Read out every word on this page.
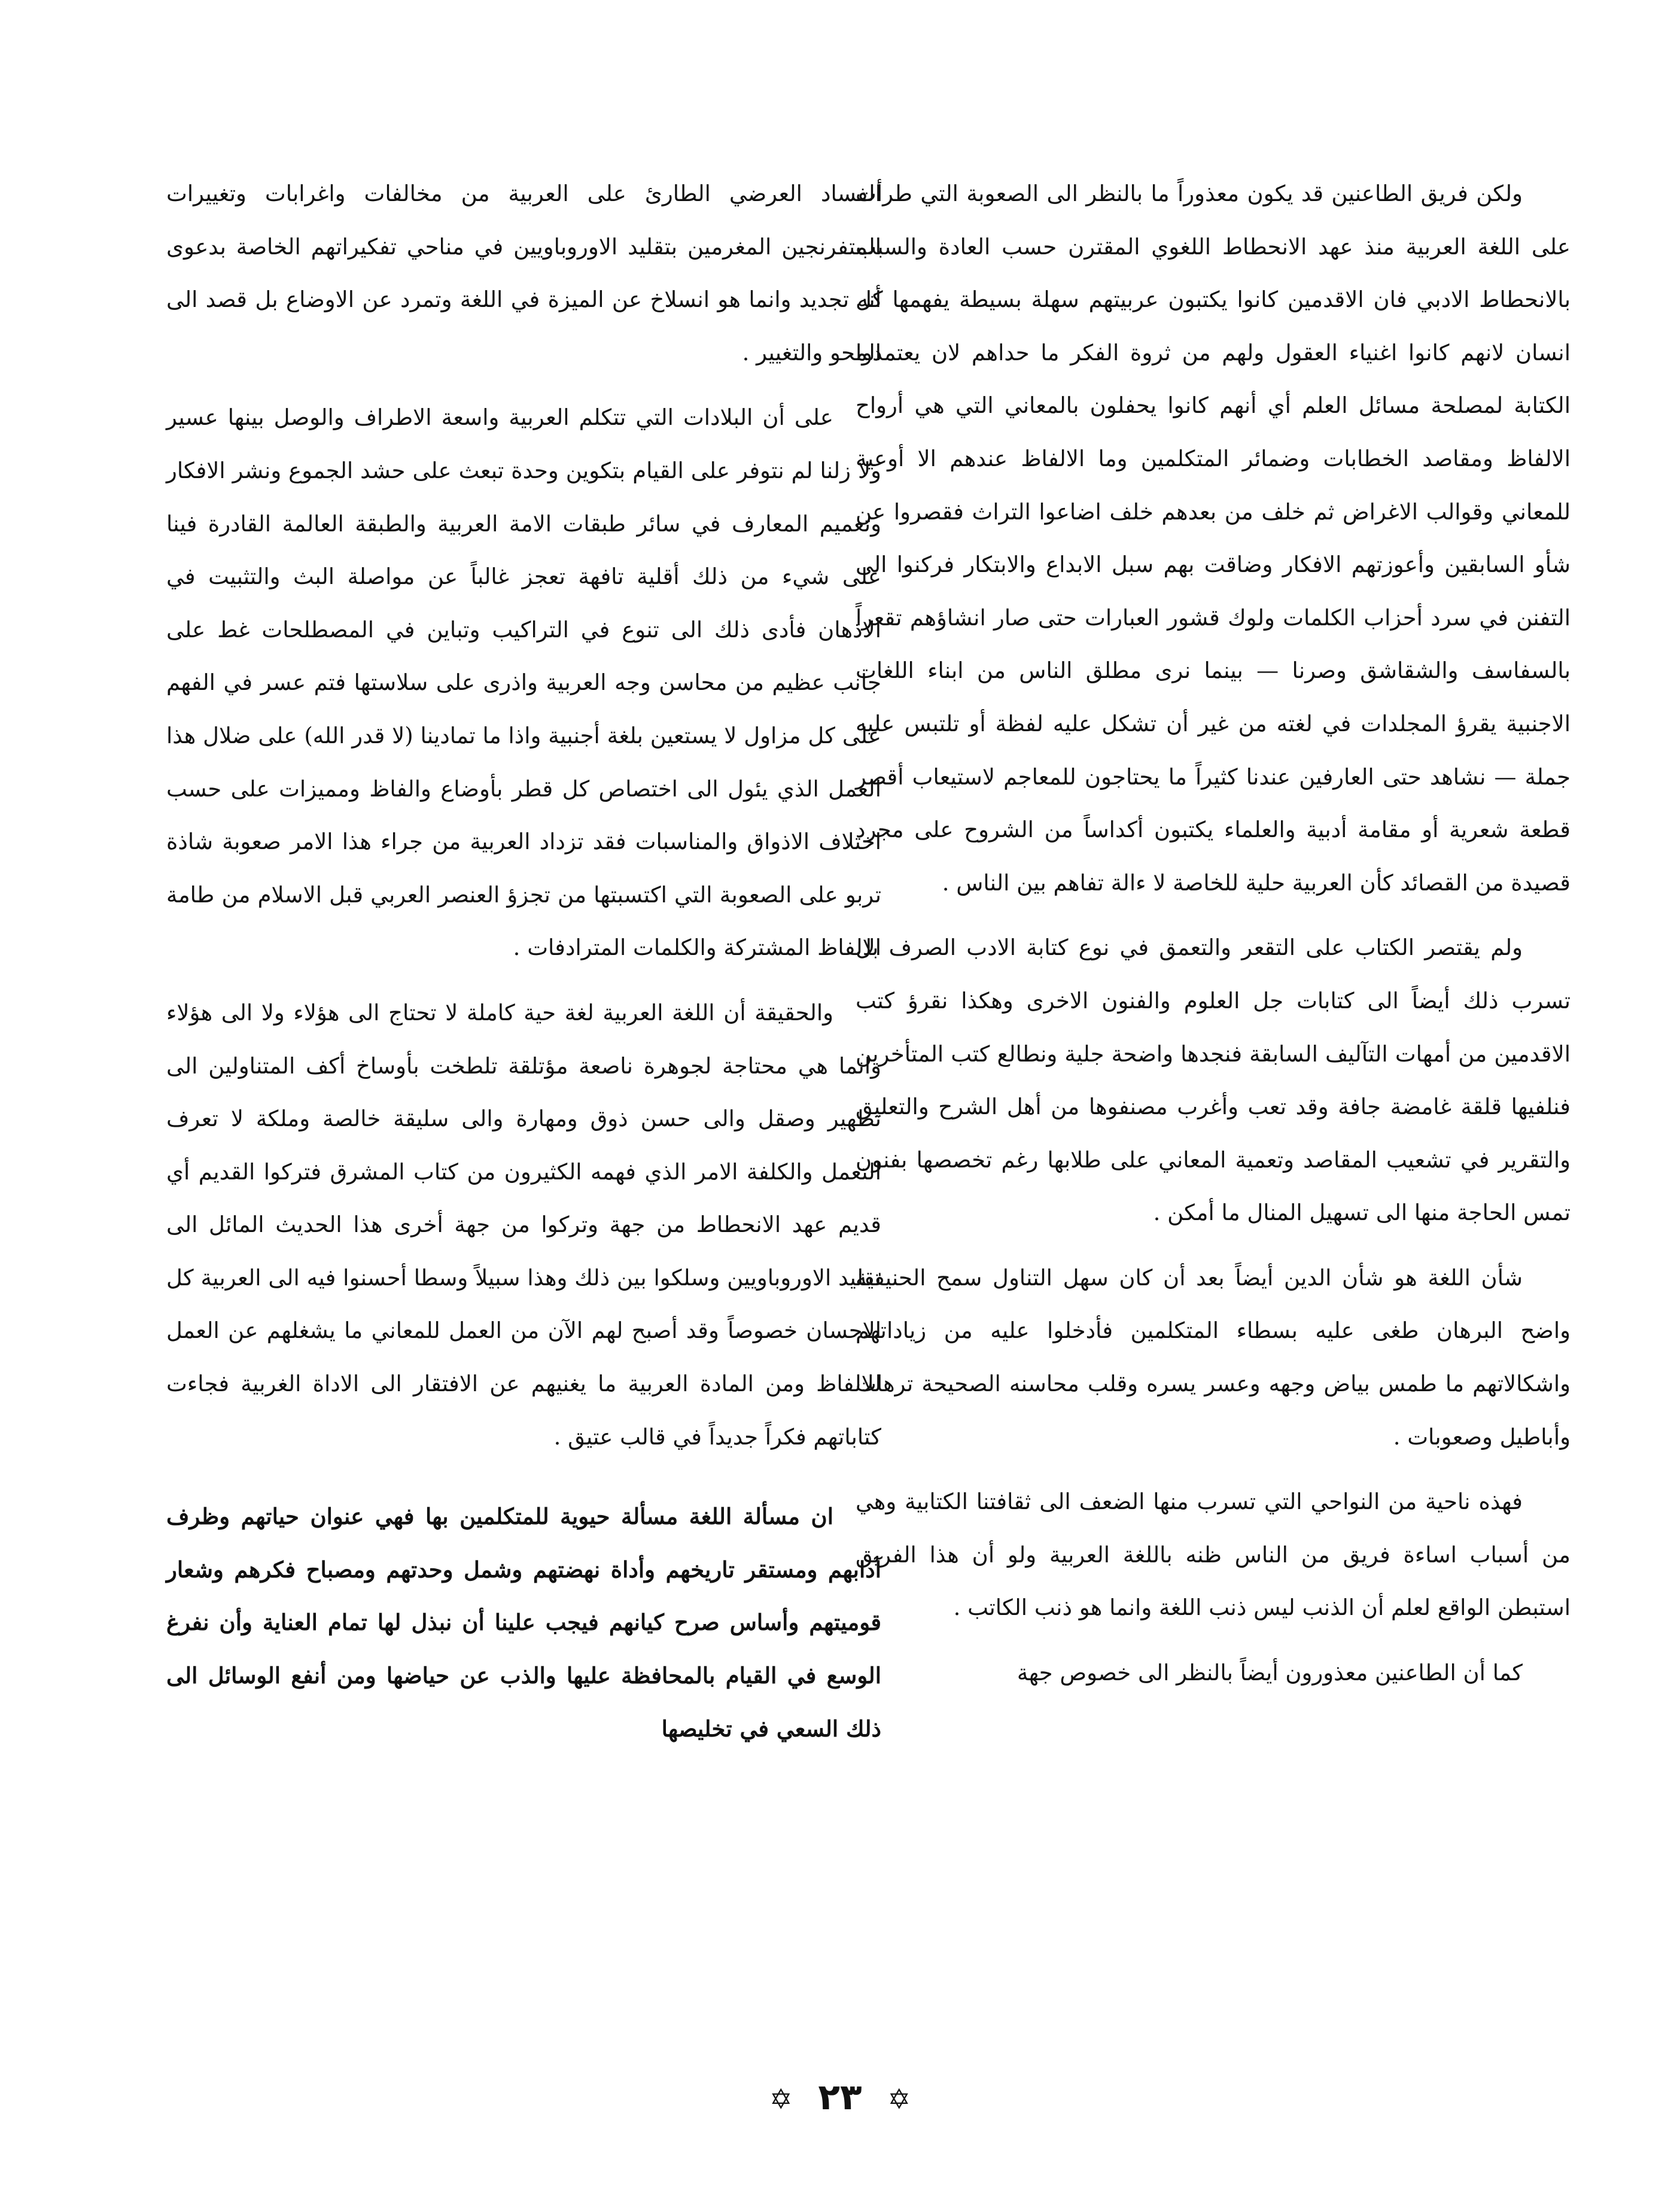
ولكن فريق الطاعنين قد يكون معذوراً ما بالنظر الى الصعوبة التي طرأت على اللغة العربية منذ عهد الانحطاط اللغوي المقترن حسب العادة والسبب بالانحطاط الادبي فان الاقدمين كانوا يكتبون عربيتهم سهلة بسيطة يفهمها كل انسان لانهم كانوا اغنياء العقول ولهم من ثروة الفكر ما حداهم لان يعتمدوا الكتابة لمصلحة مسائل العلم أي أنهم كانوا يحفلون بالمعاني التي هي أرواح الالفاظ ومقاصد الخطابات وضمائر المتكلمين وما الالفاظ عندهم الا أوعية للمعاني وقوالب الاغراض ثم خلف من بعدهم خلف اضاعوا التراث فقصروا عن شأو السابقين وأعوزتهم الافكار وضاقت بهم سبل الابداع والابتكار فركنوا الى التفنن في سرد أحزاب الكلمات ولوك قشور العبارات حتى صار انشاؤهم تقعراً بالسفاسف والشقاشق وصرنا — بينما نرى مطلق الناس من ابناء اللغات الاجنبية يقرؤ المجلدات في لغته من غير أن تشكل عليه لفظة أو تلتبس عليه جملة — نشاهد حتى العارفين عندنا كثيراً ما يحتاجون للمعاجم لاستيعاب أقصر قطعة شعرية أو مقامة أدبية والعلماء يكتبون أكداساً من الشروح على مجرد قصيدة من القصائد كأن العربية حلية للخاصة لا ءالة تفاهم بين الناس .

ولم يقتصر الكتاب على التقعر والتعمق في نوع كتابة الادب الصرف بل تسرب ذلك أيضاً الى كتابات جل العلوم والفنون الاخرى وهكذا نقرؤ كتب الاقدمين من أمهات التآليف السابقة فنجدها واضحة جلية ونطالع كتب المتأخرين فنلفيها قلقة غامضة جافة وقد تعب وأغرب مصنفوها من أهل الشرح والتعليق والتقرير في تشعيب المقاصد وتعمية المعاني على طلابها رغم تخصصها بفنون تمس الحاجة منها الى تسهيل المنال ما أمكن .

شأن اللغة هو شأن الدين أيضاً بعد أن كان سهل التناول سمح الحنيفية واضح البرهان طغى عليه بسطاء المتكلمين فأدخلوا عليه من زياداتهم واشكالاتهم ما طمس بياض وجهه وعسر يسره وقلب محاسنه الصحيحة ترهات وأباطيل وصعوبات .

فهذه ناحية من النواحي التي تسرب منها الضعف الى ثقافتنا الكتابية وهي من أسباب اساءة فريق من الناس ظنه باللغة العربية ولو أن هذا الفريق استبطن الواقع لعلم أن الذنب ليس ذنب اللغة وانما هو ذنب الكاتب .

كما أن الطاعنين معذورون أيضاً بالنظر الى خصوص جهة

الفساد العرضي الطارئ على العربية من مخالفات واغرابات وتغييرات المتفرنجين المغرمين بتقليد الاوروباويين في مناحي تفكيراتهم الخاصة بدعوى أنه تجديد وانما هو انسلاخ عن الميزة في اللغة وتمرد عن الاوضاع بل قصد الى المحو والتغيير .

على أن البلادات التي تتكلم العربية واسعة الاطراف والوصل بينها عسير ولا زلنا لم نتوفر على القيام بتكوين وحدة تبعث على حشد الجموع ونشر الافكار وتعميم المعارف في سائر طبقات الامة العربية والطبقة العالمة القادرة فينا على شيء من ذلك أقلية تافهة تعجز غالباً عن مواصلة البث والتثبيت في الاذهان فأدى ذلك الى تنوع في التراكيب وتباين في المصطلحات غط على جانب عظيم من محاسن وجه العربية واذرى على سلاستها فتم عسر في الفهم على كل مزاول لا يستعين بلغة أجنبية واذا ما تمادينا (لا قدر الله) على ضلال هذا العمل الذي يئول الى اختصاص كل قطر بأوضاع والفاظ ومميزات على حسب اختلاف الاذواق والمناسبات فقد تزداد العربية من جراء هذا الامر صعوبة شاذة تربو على الصعوبة التي اكتسبتها من تجزؤ العنصر العربي قبل الاسلام من طامة الالفاظ المشتركة والكلمات المترادفات .

والحقيقة أن اللغة العربية لغة حية كاملة لا تحتاج الى هؤلاء ولا الى هؤلاء وانما هي محتاجة لجوهرة ناصعة مؤتلقة تلطخت بأوساخ أكف المتناولين الى تطهير وصقل والى حسن ذوق ومهارة والى سليقة خالصة وملكة لا تعرف التعمل والكلفة الامر الذي فهمه الكثيرون من كتاب المشرق فتركوا القديم أي قديم عهد الانحطاط من جهة وتركوا من جهة أخرى هذا الحديث المائل الى تقليد الاوروباويين وسلكوا بين ذلك وهذا سبيلاً وسطا أحسنوا فيه الى العربية كل الاحسان خصوصاً وقد أصبح لهم الآن من العمل للمعاني ما يشغلهم عن العمل للالفاظ ومن المادة العربية ما يغنيهم عن الافتقار الى الاداة الغربية فجاءت كتاباتهم فكراً جديداً في قالب عتيق .

ان مسألة اللغة مسألة حيوية للمتكلمين بها فهي عنوان حياتهم وظرف آدابهم ومستقر تاريخهم وأداة نهضتهم وشمل وحدتهم ومصباح فكرهم وشعار قوميتهم وأساس صرح كيانهم فيجب علينا أن نبذل لها تمام العناية وأن نفرغ الوسع في القيام بالمحافظة عليها والذب عن حياضها ومن أنفع الوسائل الى ذلك السعي في تخليصها

✡ ٢٣ ✡
